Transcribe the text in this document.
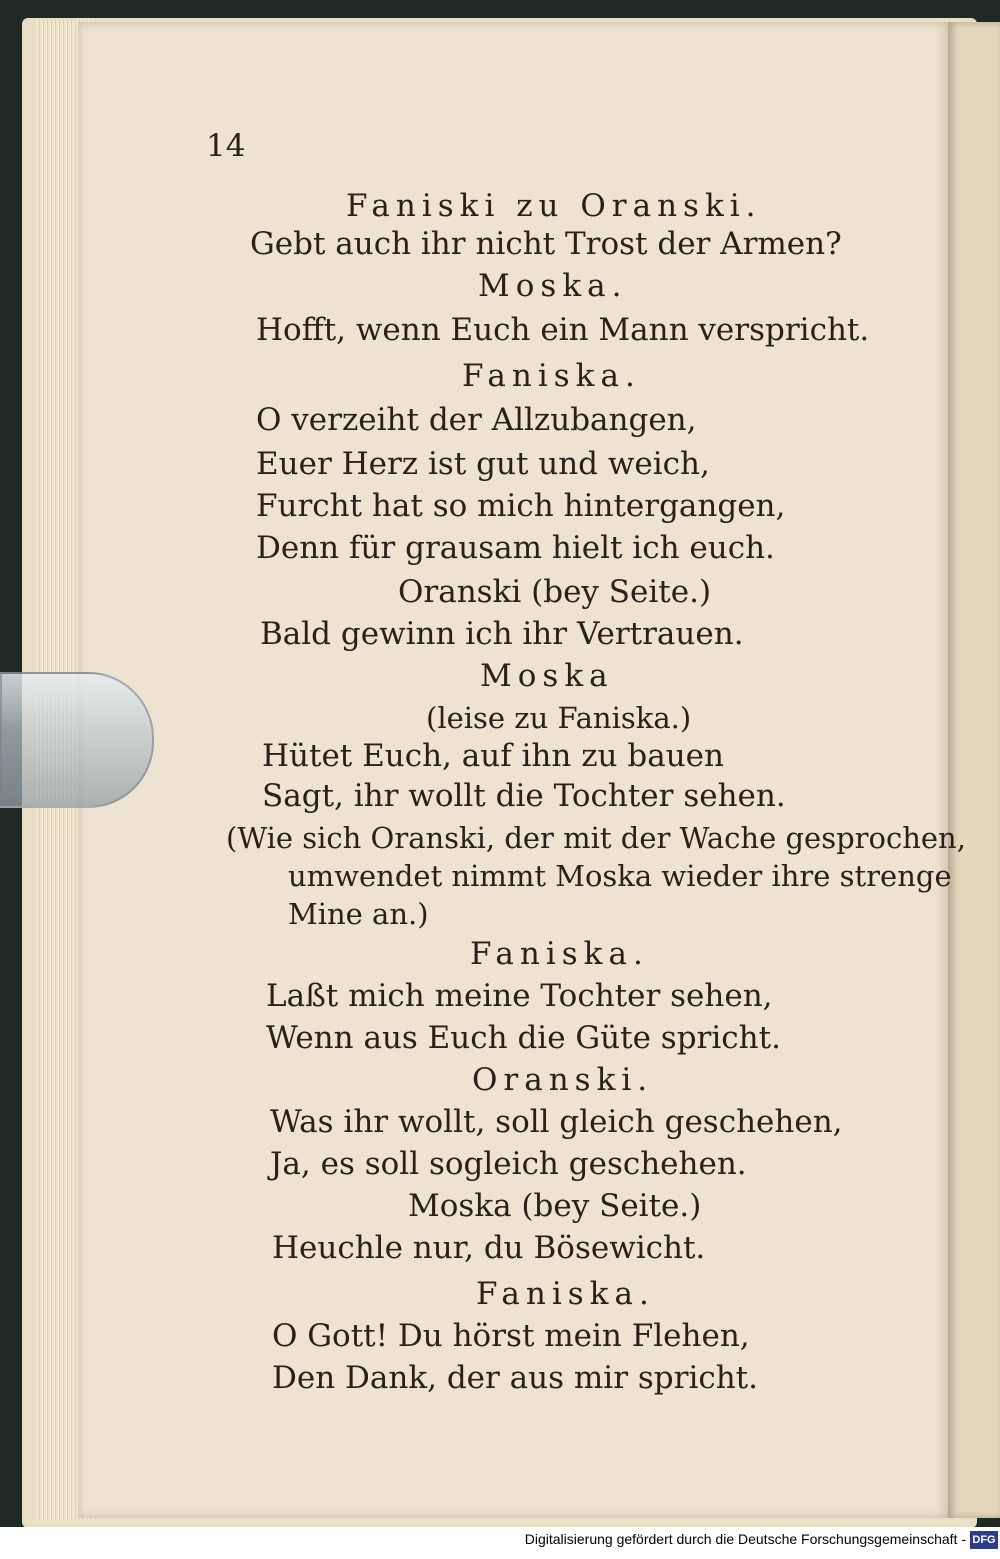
14
Faniski zu Oranski.
Gebt auch ihr nicht Trost der Armen?
Moska.
Hofft, wenn Euch ein Mann verspricht.
Faniska.
O verzeiht der Allzubangen,
Euer Herz ist gut und weich,
Furcht hat so mich hintergangen,
Denn für grausam hielt ich euch.
Oranski (bey Seite.)
Bald gewinn ich ihr Vertrauen.
Moska
(leise zu Faniska.)
Hütet Euch, auf ihn zu bauen
Sagt, ihr wollt die Tochter sehen.
(Wie sich Oranski, der mit der Wache gesprochen,
umwendet nimmt Moska wieder ihre strenge
Mine an.)
Faniska.
Laßt mich meine Tochter sehen,
Wenn aus Euch die Güte spricht.
Oranski.
Was ihr wollt, soll gleich geschehen,
Ja, es soll sogleich geschehen.
Moska (bey Seite.)
Heuchle nur, du Bösewicht.
Faniska.
O Gott! Du hörst mein Flehen,
Den Dank, der aus mir spricht.
Digitalisierung gefördert durch die Deutsche Forschungsgemeinschaft - DFG
